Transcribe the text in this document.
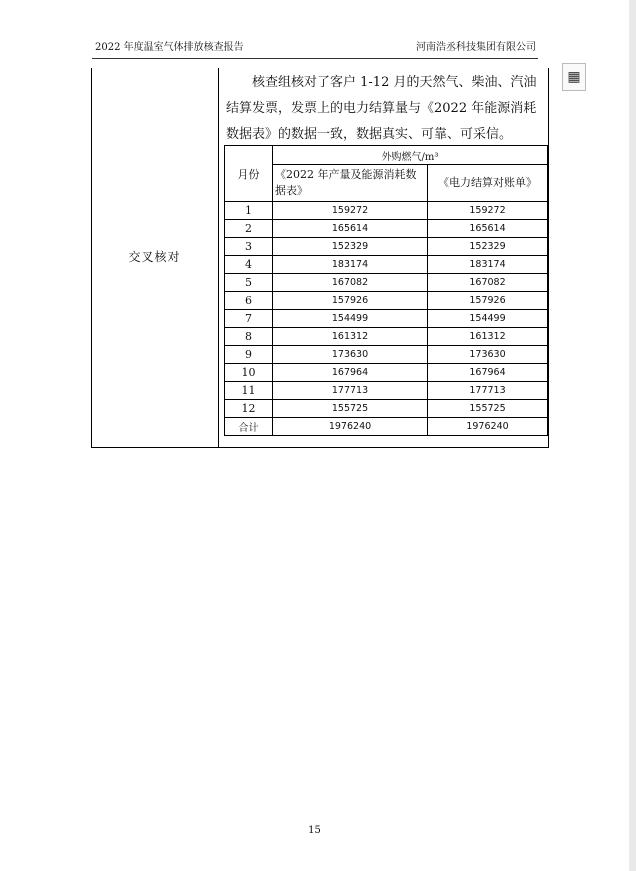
2022 年度温室气体排放核查报告	河南浩丞科技集团有限公司
交叉核对
核查组核对了客户 1-12 月的天然气、柴油、汽油结算发票，发票上的电力结算量与《2022 年能源消耗数据表》的数据一致，数据真实、可靠、可采信。
月份	外购燃气/m³	
	《2022 年产量及能源消耗数据表》	《电力结算对账单》
1	159272	159272
2	165614	165614
3	152329	152329
4	183174	183174
5	167082	167082
6	157926	157926
7	154499	154499
8	161312	161312
9	173630	173630
10	167964	167964
11	177713	177713
12	155725	155725
合计	1976240	1976240
15
▦
